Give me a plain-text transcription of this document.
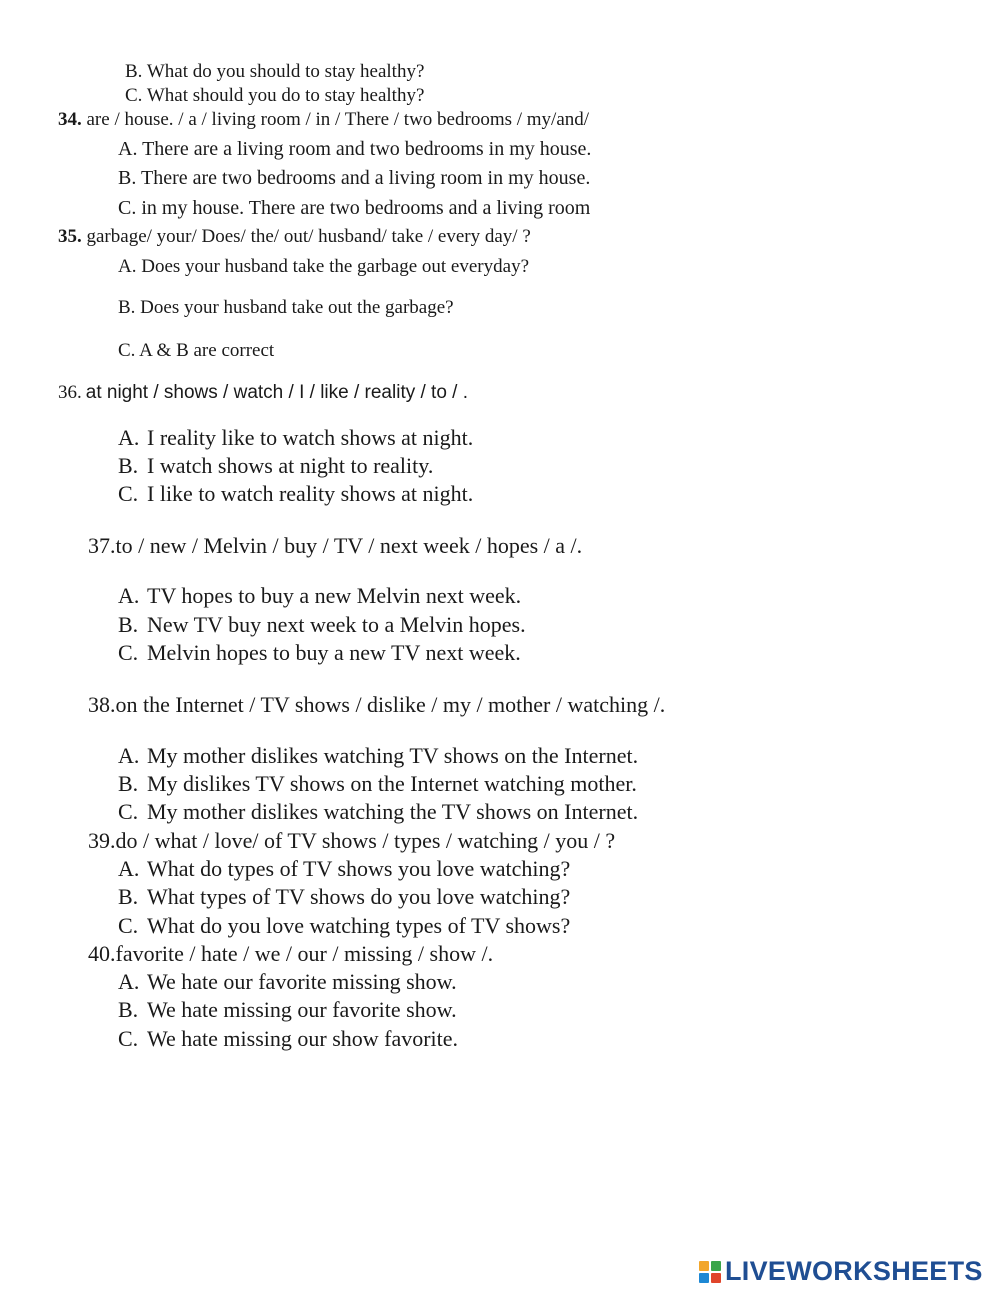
B. What do you should to stay healthy?
C. What should you do to stay healthy?
34. are / house. / a / living room / in / There / two bedrooms / my/and/
A. There are a living room and two bedrooms in my house.
B. There are two bedrooms and a living room in my house.
C. in my house. There are two bedrooms and a living room
35. garbage/ your/ Does/ the/ out/ husband/ take / every day/ ?
A. Does your husband take the garbage out everyday?
B. Does your husband take out the garbage?
C. A & B are correct
36. at night / shows / watch / I / like / reality / to / .
A. I reality like to watch shows at night.
B. I watch shows at night to reality.
C. I like to watch reality shows at night.
37.to / new / Melvin / buy / TV / next week / hopes / a /.
A. TV hopes to buy a new Melvin next week.
B. New TV buy next week to a Melvin hopes.
C. Melvin hopes to buy a new TV next week.
38.on the Internet / TV shows / dislike / my / mother / watching /.
A. My mother dislikes watching TV shows on the Internet.
B. My dislikes TV shows on the Internet watching mother.
C. My mother dislikes watching the TV shows on Internet.
39.do / what / love/ of TV shows / types / watching / you / ?
A. What do types of TV shows you love watching?
B. What types of TV shows do you love watching?
C. What do you love watching types of TV shows?
40.favorite / hate / we / our / missing / show /.
A. We hate our favorite missing show.
B. We hate missing our favorite show.
C. We hate missing our show favorite.
LIVEWORKSHEETS
